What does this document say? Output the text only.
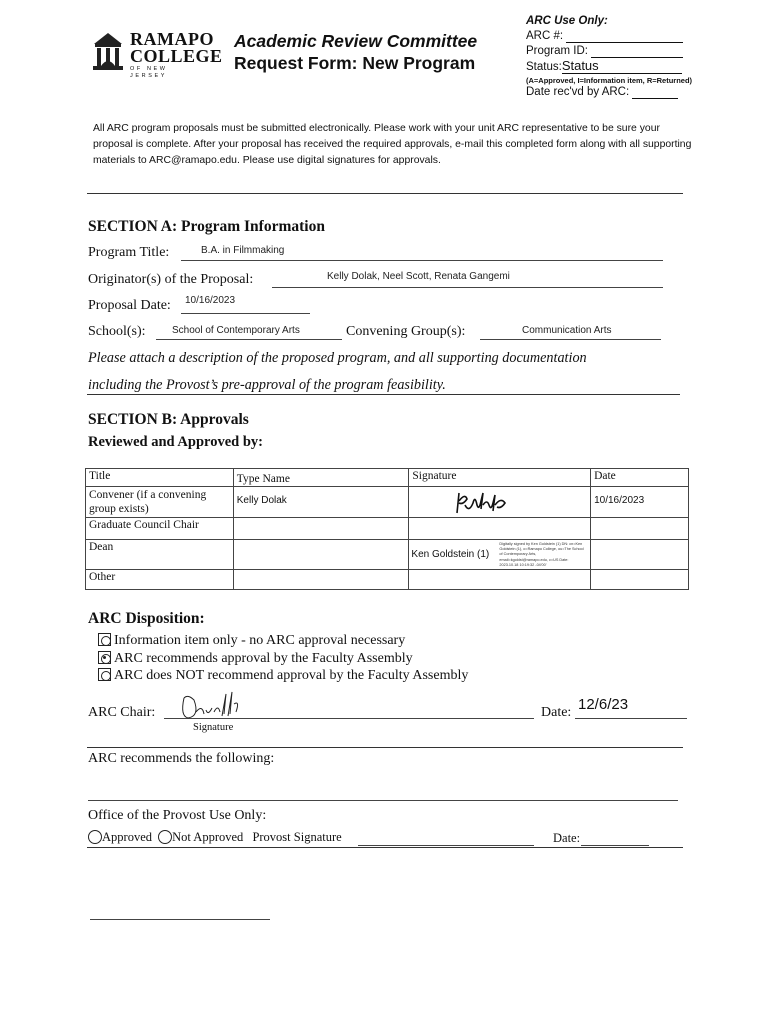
RAMAPO
COLLEGE
OF NEW JERSEY
Academic Review Committee
Request Form: New Program
ARC Use Only:
ARC #:
Program ID:
Status:Status
(A=Approved, I=Information item, R=Returned)
Date rec'vd by ARC:
All ARC program proposals must be submitted electronically. Please work with your unit ARC representative to be sure your proposal is complete. After your proposal has received the required approvals, e-mail this completed form along with all supporting materials to ARC@ramapo.edu. Please use digital signatures for approvals.
SECTION A: Program Information
Program Title:	B.A. in Filmmaking
Originator(s) of the Proposal:	Kelly Dolak, Neel Scott, Renata Gangemi
Proposal Date: 10/16/2023
School(s):	School of Contemporary Arts	Convening Group(s):	Communication Arts
Please attach a description of the proposed program, and all supporting documentation
including the Provost’s pre-approval of the program feasibility.
SECTION B: Approvals
Reviewed and Approved by:
Title	Type Name	Signature	Date
Convener (if a convening group exists)	Kelly Dolak		10/16/2023
Graduate Council Chair			
Dean		Ken Goldstein (1)
Digitally signed by Ken Goldstein (1) DN: cn=Ken Goldstein (1), o=Ramapo College, ou=The School of Contemporary Arts, email=kgoldst@ramapo.edu, c=US Date: 2023.10.18 10:19:32 -04'00'	

Other			
ARC Disposition:
Information item only - no ARC approval necessary
ARC recommends approval by the Faculty Assembly
ARC does NOT recommend approval by the Faculty Assembly
ARC Chair:
Signature
Date: 12/6/23
ARC recommends the following:
Office of the Provost Use Only:
Approved Not Approved Provost Signature	Date:
